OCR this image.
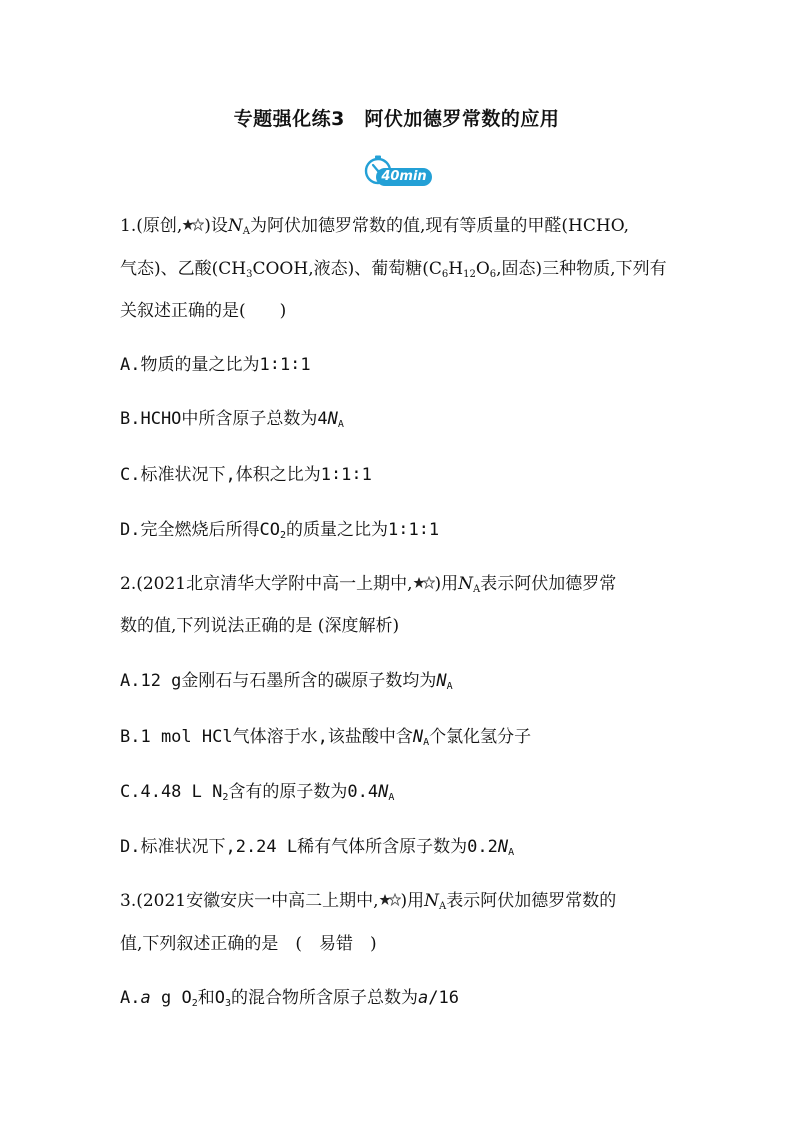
专题强化练3　阿伏加德罗常数的应用
40min
1.(原创, )设$N_A$为阿伏加德罗常数的值,现有等质量的甲醛(HCHO,
气态)、乙酸($CH_3COOH$,液态)、葡萄糖($C_6H_{12}O_6$,固态)三种物质,下列有
关叙述正确的是( )
A.物质的量之比为1∶1∶1
B.HCHO中所含原子总数为$4N_A$
C.标准状况下,体积之比为1∶1∶1
D.完全燃烧后所得$CO_2$的质量之比为1∶1∶1
2.(2021北京清华大学附中高一上期中, )用$N_A$表示阿伏加德罗常
数的值,下列说法正确的是 (深度解析)
A.12 g金刚石与石墨所含的碳原子数均为$N_A$
B.1 mol HCl气体溶于水,该盐酸中含$N_A$个氯化氢分子
C.4.48 L $N_2$含有的原子数为$0.4N_A$
D.标准状况下,2.24 L稀有气体所含原子数为$0.2N_A$
3.(2021安徽安庆一中高二上期中, )用$N_A$表示阿伏加德罗常数的
值,下列叙述正确的是　(　易错　)
A.a g $O_2$和$O_3$的混合物所含原子总数为a/16
